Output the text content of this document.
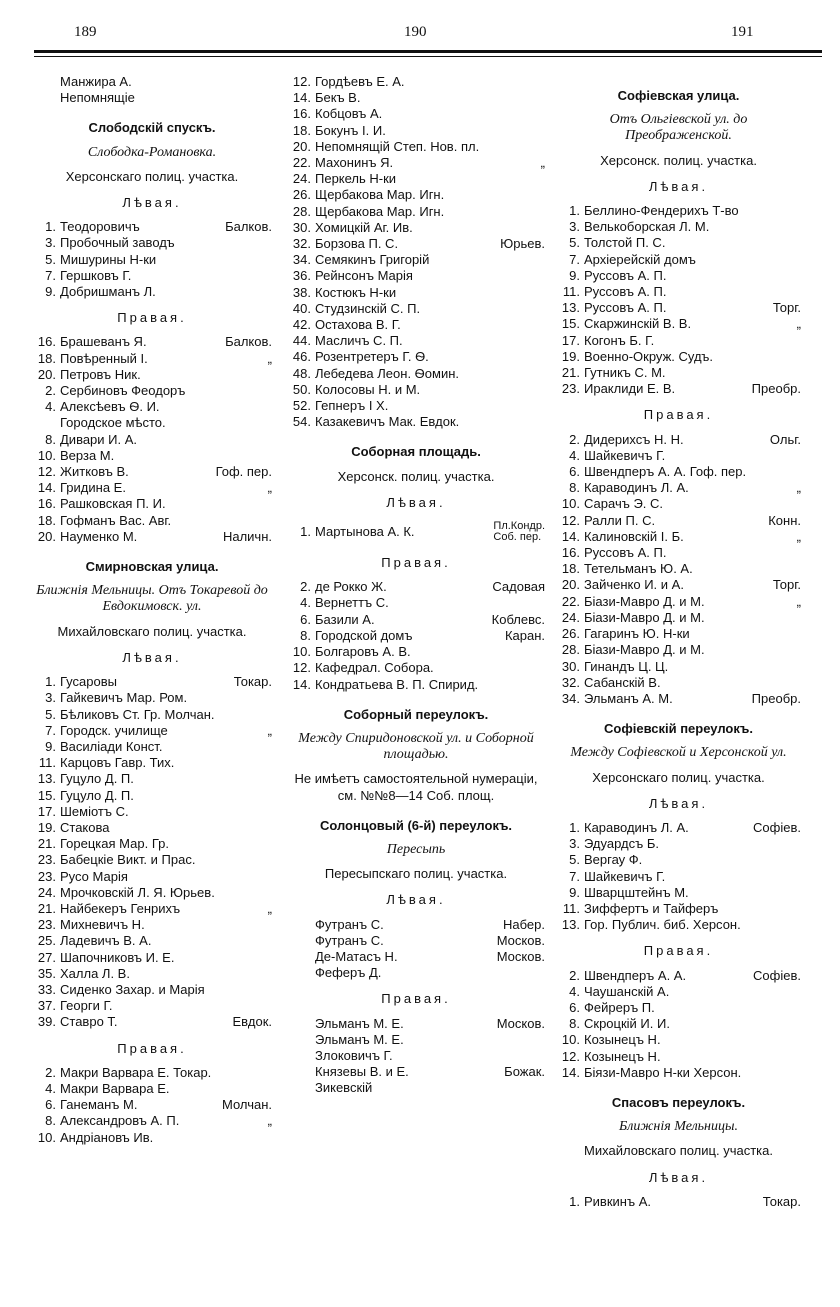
189	190	191
Манжира А.
Непомнящіе
Слободскій спускъ.
Слободка-Романовка.
Херсонскаго полиц. участка.
Лѣвая.
1. Теодоровичъ	Балков.
3. Пробочный заводъ
5. Мишурины Н-ки
7. Гершковъ Г.
9. Добришманъ Л.
Правая.
16. Брашеванъ Я.	Балков.
18. Повѣренный І.	„
20. Петровъ Ник.
2. Сербиновъ Феодоръ
4. Алексѣевъ Ѳ. И.
Городское мѣсто.
8. Дивари И. А.
10. Верза М.
12. Житковъ В.	Гоф. пер.
14. Гридина Е.	„
16. Рашковская П. И.
18. Гофманъ Вас. Авг.
20. Науменко М.	Наличн.
Смирновская улица.
Ближнія Мельницы. Отъ Токаревой до Евдокимовск. ул.
Михайловскаго полиц. участка.
Лѣвая.
1. Гусаровы	Токар.
3. Гайкевичъ Мар. Ром.
5. Бѣликовъ Ст. Гр. Молчан.
7. Городск. училище	„
9. Василіади Конст.
11. Карцовъ Гавр. Тих.
13. Гуцуло Д. П.
15. Гуцуло Д. П.
17. Шеміотъ С.
19. Стакова
21. Горецкая Мар. Гр.
23. Бабецкіе Викт. и Прас.
23. Русо Марія
24. Мрочковскій Л. Я. Юрьев.
21. Найбекеръ Генрихъ	„
23. Михневичъ Н.
25. Ладевичъ В. А.
27. Шапочниковъ И. Е.
35. Халла Л. В.
33. Сиденко Захар. и Марія
37. Георги Г.
39. Ставро Т.	Евдок.
Правая.
2. Макри Варвара Е. Токар.
4. Макри Варвара Е.
6. Ганеманъ М.	Молчан.
8. Александровъ А. П.	„
10. Андріановъ Ив.
12. Гордѣевъ Е. А.
14. Бекъ В.
16. Кобцовъ А.
18. Бокунъ І. И.
20. Непомнящій Степ. Нов. пл.
22. Махонинъ Я.	„
24. Перкель Н-ки
26. Щербакова Мар. Игн.
28. Щербакова Мар. Игн.
30. Хомицкій Аг. Ив.
32. Борзова П. С.	Юрьев.
34. Семякинъ Григорій
36. Рейнсонъ Марія
38. Костюкъ Н-ки
40. Студзинскій С. П.
42. Остахова В. Г.
44. Масличъ С. П.
46. Розентретеръ Г. Ѳ.
48. Лебедева Леон. Ѳомин.
50. Колосовы Н. и М.
52. Гепнеръ І Х.
54. Казакевичъ Мак. Евдок.
Соборная площадь.
Херсонск. полиц. участка.
Лѣвая.
1. Мартынова А. К.	Пл.Кондр.
Соб. пер.
Правая.
2. де Рокко Ж.	Садовая
4. Вернеттъ С.
6. Базили А.	Коблевс.
8. Городской домъ	Каран.
10. Болгаровъ А. В.
12. Кафедрал. Собора.
14. Кондратьева В. П. Спирид.
Соборный переулокъ.
Между Спиридоновской ул. и Соборной площадью.
Не имѣетъ самостоятельной нумераціи, см. №№8—14 Соб. площ.
Солонцовый (6-й) переулокъ.
Пересыпь
Пересыпскаго полиц. участка.
Лѣвая.
Футранъ С.	Набер.
Футранъ С.	Москов.
Де-Матасъ Н.	Москов.
Феферъ Д.
Правая.
Эльманъ М. Е.	Москов.
Эльманъ М. Е.
Злоковичъ Г.
Князевы В. и Е.	Божак.
Зикевскій
Софіевская улица.
Отъ Ольгіевской ул. до Преображенской.
Херсонск. полиц. участка.
Лѣвая.
1. Беллино-Фендерихъ Т-во
3. Велькоборская Л. М.
5. Толстой П. С.
7. Архіерейскій домъ
9. Руссовъ А. П.
11. Руссовъ А. П.
13. Руссовъ А. П.	Торг.
15. Скаржинскій В. В.	„
17. Когонъ Б. Г.
19. Военно-Окруж. Судъ.
21. Гутникъ С. М.
23. Ираклиди Е. В.	Преобр.
Правая.
2. Дидерихсъ Н. Н.	Ольг.
4. Шайкевичъ Г.
6. Швендперъ А. А. Гоф. пер.
8. Караводинъ Л. А.	„
10. Сарачъ Э. С.
12. Ралли П. С.	Конн.
14. Калиновскій І. Б.	„
16. Руссовъ А. П.
18. Тетельманъ Ю. А.
20. Зайченко И. и А.	Торг.
22. Біази-Мавро Д. и М.	„
24. Біази-Мавро Д. и М.
26. Гагаринъ Ю. Н-ки
28. Біази-Мавро Д. и М.
30. Гинандъ Ц. Ц.
32. Сабанскій В.
34. Эльманъ А. М.	Преобр.
Софіевскій переулокъ.
Между Софіевской и Херсонской ул.
Херсонскаго полиц. участка.
Лѣвая.
1. Караводинъ Л. А.	Софіев.
3. Эдуардсъ Б.
5. Вергау Ф.
7. Шайкевичъ Г.
9. Шварцштейнъ М.
11. Зиффертъ и Тайферъ
13. Гор. Публич. биб. Херсон.
Правая.
2. Швендперъ А. А.	Софіев.
4. Чаушанскій А.
6. Фейреръ П.
8. Скроцкій И. И.
10. Козынецъ Н.
12. Козынецъ Н.
14. Біязи-Мавро Н-ки Херсон.
Спасовъ переулокъ.
Ближнія Мельницы.
Михайловскаго полиц. участка.
Лѣвая.
1. Ривкинъ А.	Токар.
